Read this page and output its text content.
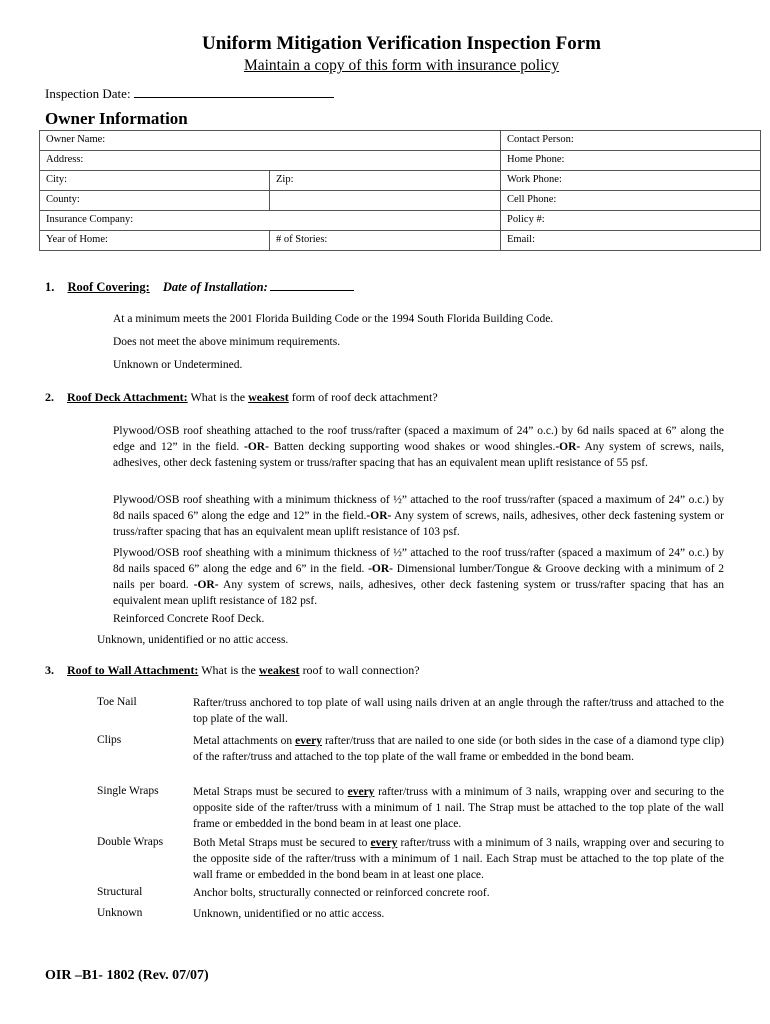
Uniform Mitigation Verification Inspection Form
Maintain a copy of this form with insurance policy
Inspection Date:
Owner Information
Owner Name:		Contact Person:
Address:		Home Phone:
City:	Zip:	Work Phone:
County:		Cell Phone:
Insurance Company:		Policy #:
Year of Home:	# of Stories:	Email:
1. Roof Covering: Date of Installation:
At a minimum meets the 2001 Florida Building Code or the 1994 South Florida Building Code.
Does not meet the above minimum requirements.
Unknown or Undetermined.
2. Roof Deck Attachment: What is the weakest form of roof deck attachment?
Plywood/OSB roof sheathing attached to the roof truss/rafter (spaced a maximum of 24” o.c.) by 6d nails spaced at 6” along the edge and 12” in the field. -OR- Batten decking supporting wood shakes or wood shingles.-OR- Any system of screws, nails, adhesives, other deck fastening system or truss/rafter spacing that has an equivalent mean uplift resistance of 55 psf.
Plywood/OSB roof sheathing with a minimum thickness of ½” attached to the roof truss/rafter (spaced a maximum of 24” o.c.) by 8d nails spaced 6” along the edge and 12” in the field.-OR- Any system of screws, nails, adhesives, other deck fastening system or truss/rafter spacing that has an equivalent mean uplift resistance of 103 psf.
Plywood/OSB roof sheathing with a minimum thickness of ½” attached to the roof truss/rafter (spaced a maximum of 24” o.c.) by 8d nails spaced 6” along the edge and 6” in the field. -OR- Dimensional lumber/Tongue & Groove decking with a minimum of 2 nails per board. -OR- Any system of screws, nails, adhesives, other deck fastening system or truss/rafter spacing that has an equivalent mean uplift resistance of 182 psf.
Reinforced Concrete Roof Deck.
Unknown, unidentified or no attic access.
3. Roof to Wall Attachment: What is the weakest roof to wall connection?
Toe Nail	Rafter/truss anchored to top plate of wall using nails driven at an angle through the rafter/truss and attached to the top plate of the wall.
Clips	Metal attachments on every rafter/truss that are nailed to one side (or both sides in the case of a diamond type clip) of the rafter/truss and attached to the top plate of the wall frame or embedded in the bond beam.
Single Wraps	Metal Straps must be secured to every rafter/truss with a minimum of 3 nails, wrapping over and securing to the opposite side of the rafter/truss with a minimum of 1 nail. The Strap must be attached to the top plate of the wall frame or embedded in the bond beam in at least one place.
Double Wraps	Both Metal Straps must be secured to every rafter/truss with a minimum of 3 nails, wrapping over and securing to the opposite side of the rafter/truss with a minimum of 1 nail. Each Strap must be attached to the top plate of the wall frame or embedded in the bond beam in at least one place.
Structural	Anchor bolts, structurally connected or reinforced concrete roof.
Unknown	Unknown, unidentified or no attic access.
OIR –B1- 1802 (Rev. 07/07)
